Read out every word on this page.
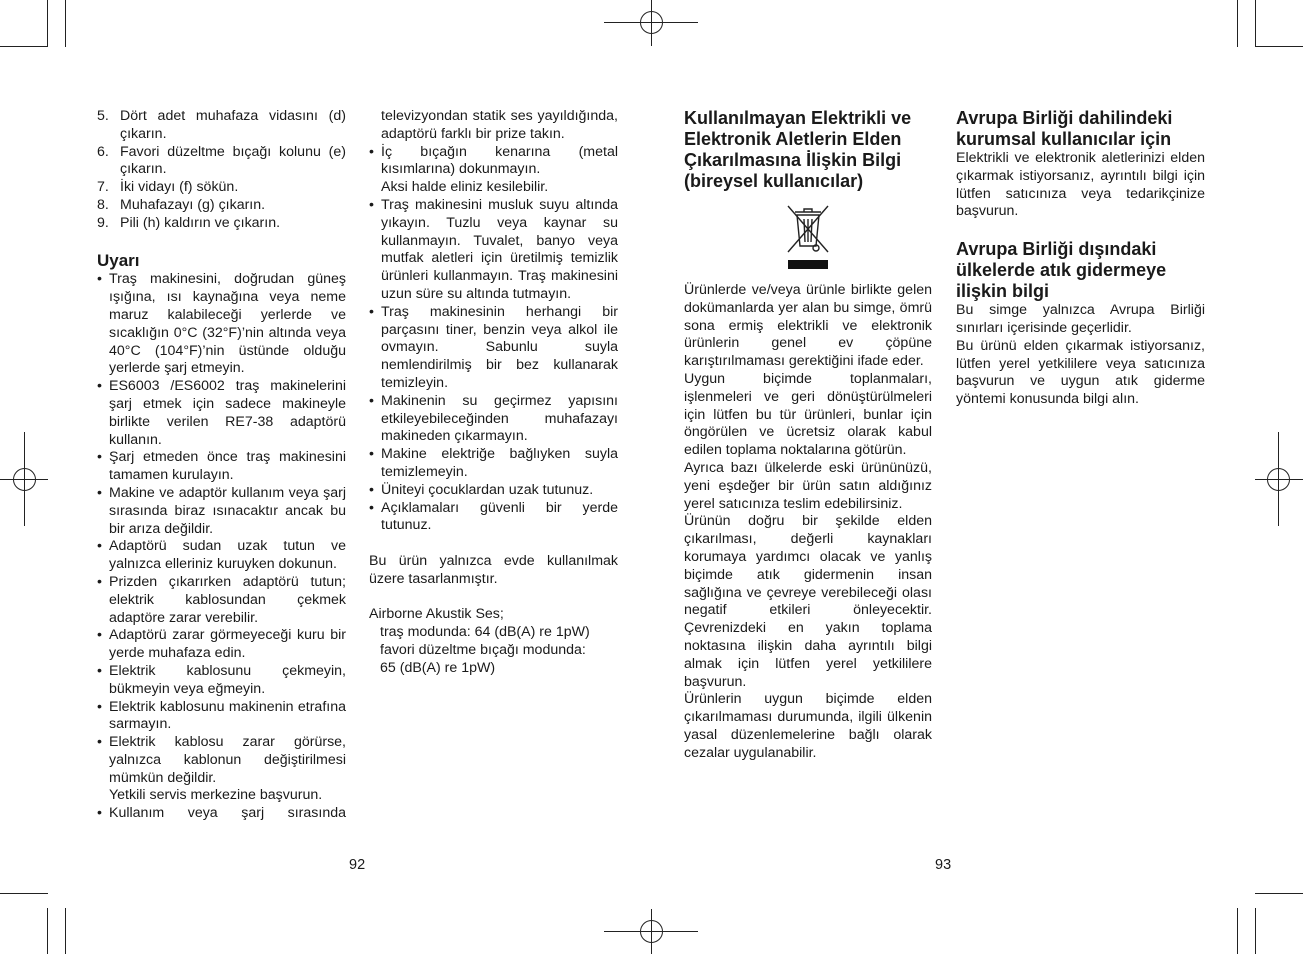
5. Dört adet muhafaza vidasını (d) çıkarın.
6. Favori düzeltme bıçağı kolunu (e) çıkarın.
7. İki vidayı (f) sökün.
8. Muhafazayı (g) çıkarın.
9. Pili (h) kaldırın ve çıkarın.
Uyarı
• Traş makinesini, doğrudan güneş ışığına, ısı kaynağına veya neme maruz kalabileceği yerlerde ve sıcaklığın 0°C (32°F)’nin altında veya 40°C (104°F)’nin üstünde olduğu yerlerde şarj etmeyin.
• ES6003 /ES6002 traş makinelerini şarj etmek için sadece makineyle birlikte verilen RE7-38 adaptörü kullanın.
• Şarj etmeden önce traş makinesini tamamen kurulayın.
• Makine ve adaptör kullanım veya şarj sırasında biraz ısınacaktır ancak bu bir arıza değildir.
• Adaptörü sudan uzak tutun ve yalnızca elleriniz kuruyken dokunun.
• Prizden çıkarırken adaptörü tutun; elektrik kablosundan çekmek adaptöre zarar verebilir.
• Adaptörü zarar görmeyeceği kuru bir yerde muhafaza edin.
• Elektrik kablosunu çekmeyin, bükmeyin veya eğmeyin.
• Elektrik kablosunu makinenin etrafına sarmayın.
• Elektrik kablosu zarar görürse, yalnızca kablonun değiştirilmesi mümkün değildir.
Yetkili servis merkezine başvurun.
• Kullanım veya şarj sırasında
televizyondan statik ses yayıldığında, adaptörü farklı bir prize takın.
• İç bıçağın kenarına (metal kısımlarına) dokunmayın.
Aksi halde eliniz kesilebilir.
• Traş makinesini musluk suyu altında yıkayın. Tuzlu veya kaynar su kullanmayın. Tuvalet, banyo veya mutfak aletleri için üretilmiş temizlik ürünleri kullanmayın. Traş makinesini uzun süre su altında tutmayın.
• Traş makinesinin herhangi bir parçasını tiner, benzin veya alkol ile ovmayın. Sabunlu suyla nemlendirilmiş bir bez kullanarak temizleyin.
• Makinenin su geçirmez yapısını etkileyebileceğinden muhafazayı makineden çıkarmayın.
• Makine elektriğe bağlıyken suyla temizlemeyin.
• Üniteyi çocuklardan uzak tutunuz.
• Açıklamaları güvenli bir yerde tutunuz.

Bu ürün yalnızca evde kullanılmak üzere tasarlanmıştır.

Airborne Akustik Ses;

traş modunda: 64 (dB(A) re 1pW)
favori düzeltme bıçağı modunda:
65 (dB(A) re 1pW)
Kullanılmayan Elektrikli ve Elektronik Aletlerin Elden Çıkarılmasına İlişkin Bilgi (bireysel kullanıcılar)

Ürünlerde ve/veya ürünle birlikte gelen dokümanlarda yer alan bu simge, ömrü sona ermiş elektrikli ve elektronik ürünlerin genel ev çöpüne karıştırılmaması gerektiğini ifade eder.

Uygun biçimde toplanmaları, işlenmeleri ve geri dönüştürülmeleri için lütfen bu tür ürünleri, bunlar için öngörülen ve ücretsiz olarak kabul edilen toplama noktalarına götürün.

Ayrıca bazı ülkelerde eski ürününüzü, yeni eşdeğer bir ürün satın aldığınız yerel satıcınıza teslim edebilirsiniz.

Ürünün doğru bir şekilde elden çıkarılması, değerli kaynakları korumaya yardımcı olacak ve yanlış biçimde atık gidermenin insan sağlığına ve çevreye verebileceği olası negatif etkileri önleyecektir. Çevrenizdeki en yakın toplama noktasına ilişkin daha ayrıntılı bilgi almak için lütfen yerel yetkililere başvurun.

Ürünlerin uygun biçimde elden çıkarılmaması durumunda, ilgili ülkenin yasal düzenlemelerine bağlı olarak cezalar uygulanabilir.

Avrupa Birliği dahilindeki kurumsal kullanıcılar için

Elektrikli ve elektronik aletlerinizi elden çıkarmak istiyorsanız, ayrıntılı bilgi için lütfen satıcınıza veya tedarikçinize başvurun.

Avrupa Birliği dışındaki ülkelerde atık gidermeye ilişkin bilgi

Bu simge yalnızca Avrupa Birliği sınırları içerisinde geçerlidir.

Bu ürünü elden çıkarmak istiyorsanız, lütfen yerel yetkililere veya satıcınıza başvurun ve uygun atık giderme yöntemi konusunda bilgi alın.

92	93
